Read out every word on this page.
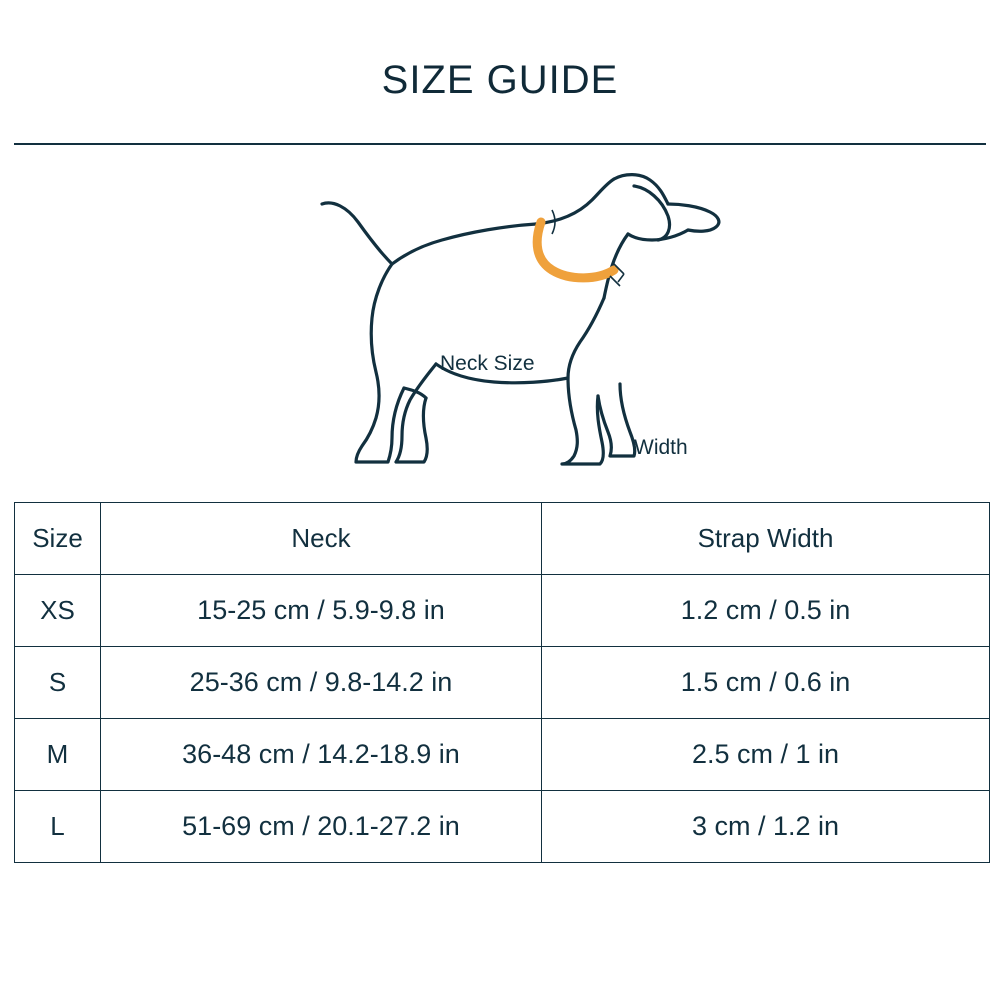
SIZE GUIDE
Neck Size
Width
Size	Neck	Strap Width
XS	15-25 cm / 5.9-9.8 in	1.2 cm / 0.5 in
S	25-36 cm / 9.8-14.2 in	1.5 cm / 0.6 in
M	36-48 cm / 14.2-18.9 in	2.5 cm / 1 in
L	51-69 cm / 20.1-27.2 in	3 cm / 1.2 in
